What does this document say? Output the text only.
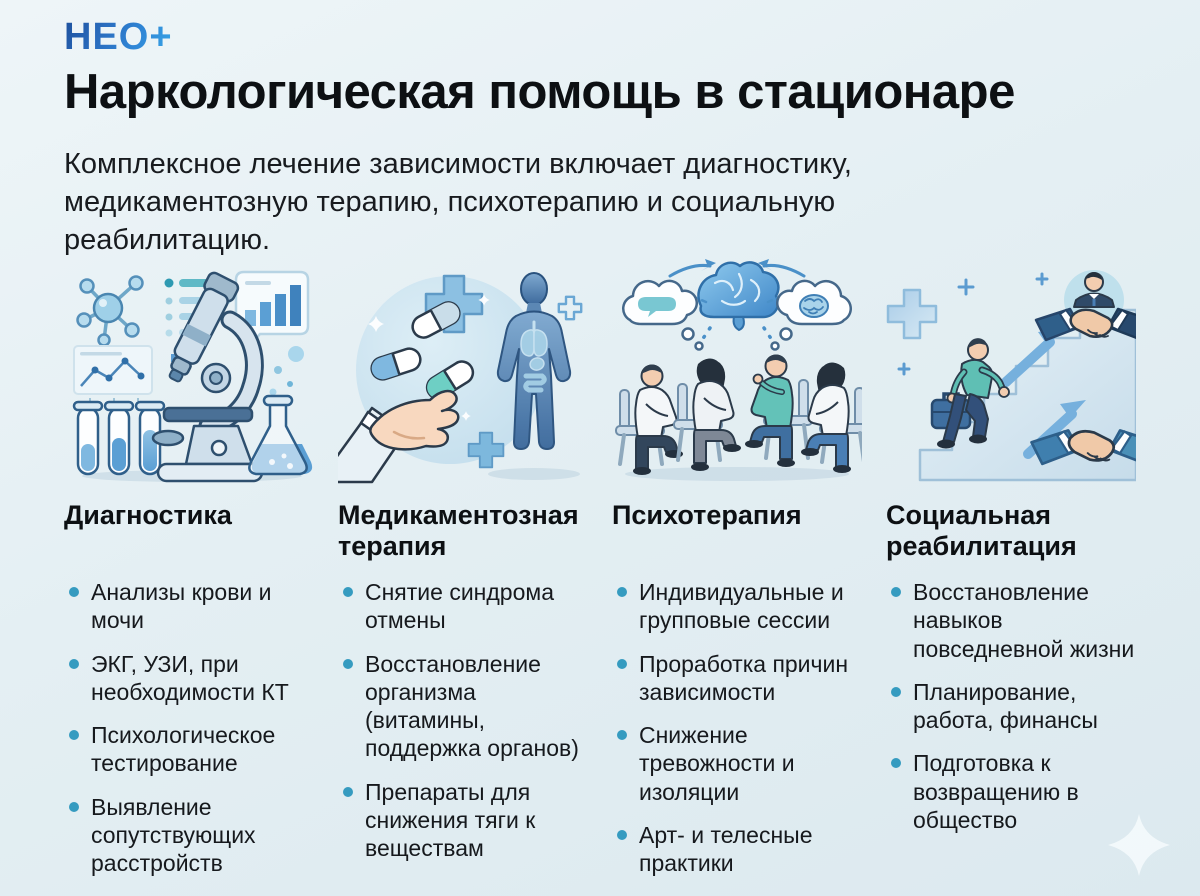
НЕО+
Наркологическая помощь в стационаре
Комплексное лечение зависимости включает диагностику, медикаментозную терапию, психотерапию и социальную реабилитацию.
Диагностика
Анализы крови и мочи
ЭКГ, УЗИ, при необходимости КТ
Психологическое тестирование
Выявление сопутствующих расстройств
Медикаментозная терапия
Снятие синдрома отмены
Восстановление организма (витамины, поддержка органов)
Препараты для снижения тяги к веществам
Психотерапия
Индивидуальные и групповые сессии
Проработка причин зависимости
Снижение тревожности и изоляции
Арт- и телесные практики
Социальная реабилитация
Восстановление навыков повседневной жизни
Планирование, работа, финансы
Подготовка к возвращению в общество
